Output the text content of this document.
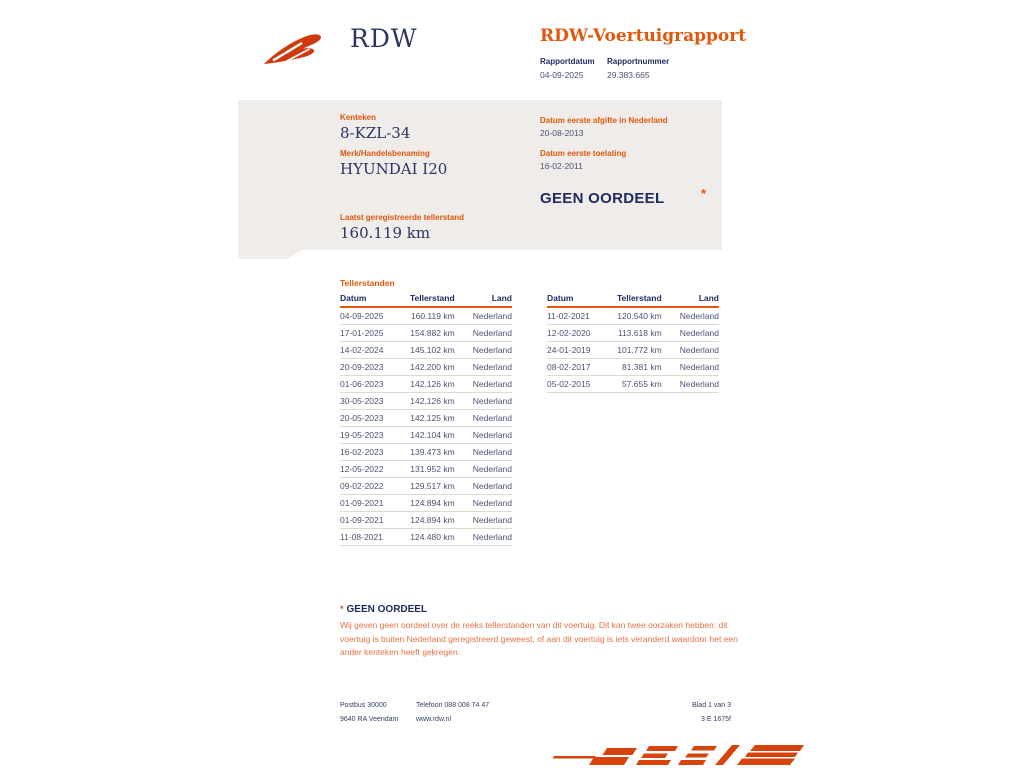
RDW	RDW-Voertuigrapport
Rapportdatum
04-09-2025
Rapportnummer
29.383.665
Kenteken
8-KZL-34
Merk/Handelsbenaming
HYUNDAI I20
Laatst geregistreerde tellerstand
160.119 km
Datum eerste afgifte in Nederland
20-08-2013
Datum eerste toelating
16-02-2011
GEEN OORDEEL	*
Tellerstanden
Datum	Tellerstand	Land
04-09-2025	160.119 km	Nederland
17-01-2025	154.882 km	Nederland
14-02-2024	145.102 km	Nederland
20-09-2023	142.200 km	Nederland
01-06-2023	142.126 km	Nederland
30-05-2023	142.126 km	Nederland
20-05-2023	142.125 km	Nederland
19-05-2023	142.104 km	Nederland
16-02-2023	139.473 km	Nederland
12-05-2022	131.952 km	Nederland
09-02-2022	129.517 km	Nederland
01-09-2021	124.894 km	Nederland
01-09-2021	124.894 km	Nederland
11-08-2021	124.480 km	Nederland
Datum	Tellerstand	Land
11-02-2021	120.540 km	Nederland
12-02-2020	113.618 km	Nederland
24-01-2019	101.772 km	Nederland
08-02-2017	81.381 km	Nederland
05-02-2015	57.655 km	Nederland
* GEEN OORDEEL
Wij geven geen oordeel over de reeks tellerstanden van dit voertuig. Dit kan twee oorzaken hebben: dit voertuig is buiten Nederland geregistreerd geweest, of aan dit voertuig is iets veranderd waardoor het een ander kenteken heeft gekregen.
Postbus 30000	Telefoon 088 008 74 47	Blad 1 van 3
9640 RA Veendam	www.rdw.nl	3 E 1675f
